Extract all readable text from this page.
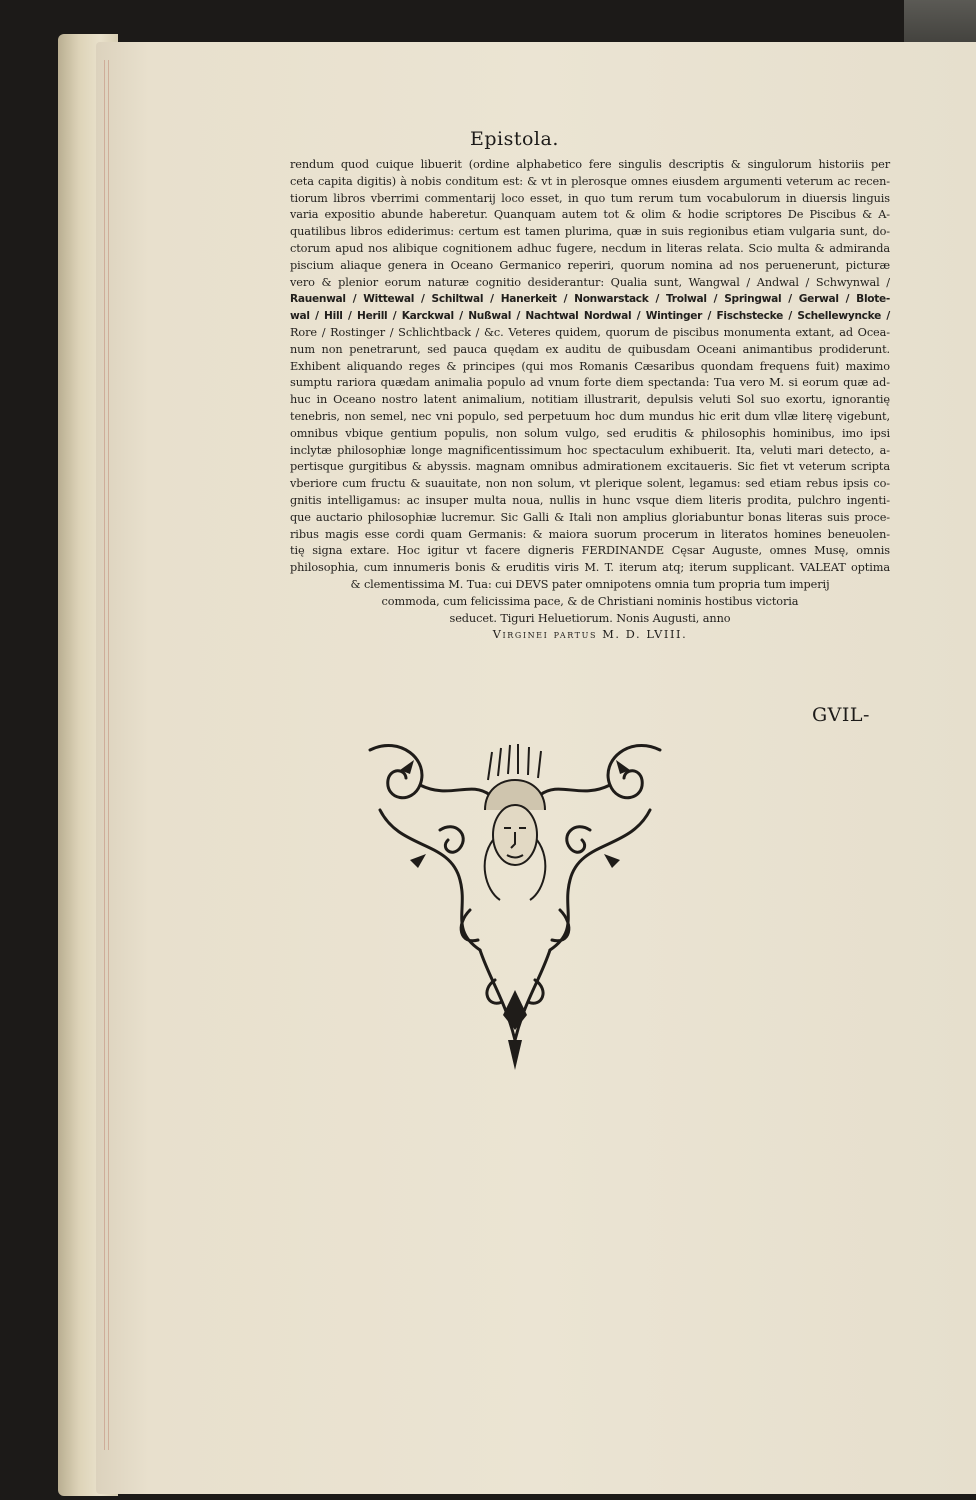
Epistola.
rendum quod cuique libuerit (ordine alphabetico fere singulis descriptis & singulorum historiis per
ceta capita digitis) à nobis conditum est: & vt in plerosque omnes eiusdem argumenti veterum ac recen-
tiorum libros vberrimi commentarij loco esset, in quo tum rerum tum vocabulorum in diuersis linguis
varia expositio abunde haberetur. Quanquam autem tot & olim & hodie scriptores De Piscibus & A-
quatilibus libros ediderimus: certum est tamen plurima, quæ in suis regionibus etiam vulgaria sunt, do-
ctorum apud nos alibique cognitionem adhuc fugere, necdum in literas relata. Scio multa & admiranda
piscium aliaque genera in Oceano Germanico reperiri, quorum nomina ad nos peruenerunt, picturæ
vero & plenior eorum naturæ cognitio desiderantur: Qualia sunt, Wangwal / Andwal / Schwynwal /
Rauenwal / Wittewal / Schiltwal / Hanerkeit / Nonwarstack / Trolwal / Springwal / Gerwal / Blote-
wal / Hill / Herill / Karckwal / Nußwal / Nachtwal Nordwal / Wintinger / Fischstecke / Schellewyncke /
Rore / Rostinger / Schlichtback / &c. Veteres quidem, quorum de piscibus monumenta extant, ad Ocea-
num non penetrarunt, sed pauca quędam ex auditu de quibusdam Oceani animantibus prodiderunt.
Exhibent aliquando reges & principes (qui mos Romanis Cæsaribus quondam frequens fuit) maximo
sumptu rariora quædam animalia populo ad vnum forte diem spectanda: Tua vero M. si eorum quæ ad-
huc in Oceano nostro latent animalium, notitiam illustrarit, depulsis veluti Sol suo exortu, ignorantię
tenebris, non semel, nec vni populo, sed perpetuum hoc dum mundus hic erit dum vllæ literę vigebunt,
omnibus vbique gentium populis, non solum vulgo, sed eruditis & philosophis hominibus, imo ipsi
inclytæ philosophiæ longe magnificentissimum hoc spectaculum exhibuerit. Ita, veluti mari detecto, a-
pertisque gurgitibus & abyssis. magnam omnibus admirationem excitaueris. Sic fiet vt veterum scripta
vberiore cum fructu & suauitate, non non solum, vt plerique solent, legamus: sed etiam rebus ipsis co-
gnitis intelligamus: ac insuper multa noua, nullis in hunc vsque diem literis prodita, pulchro ingenti-
que auctario philosophiæ lucremur. Sic Galli & Itali non amplius gloriabuntur bonas literas suis proce-
ribus magis esse cordi quam Germanis: & maiora suorum procerum in literatos homines beneuolen-
tię signa extare. Hoc igitur vt facere digneris FERDINANDE Cęsar Auguste, omnes Musę, omnis
philosophia, cum innumeris bonis & eruditis viris M. T. iterum atq; iterum supplicant. VALEAT optima
& clementissima M. Tua: cui DEVS pater omnipotens omnia tum propria tum imperij
commoda, cum felicissima pace, & de Christiani nominis hostibus victoria
seducet. Tiguri Heluetiorum. Nonis Augusti, anno
Virginei partus M. D. LVIII.
GVIL-
